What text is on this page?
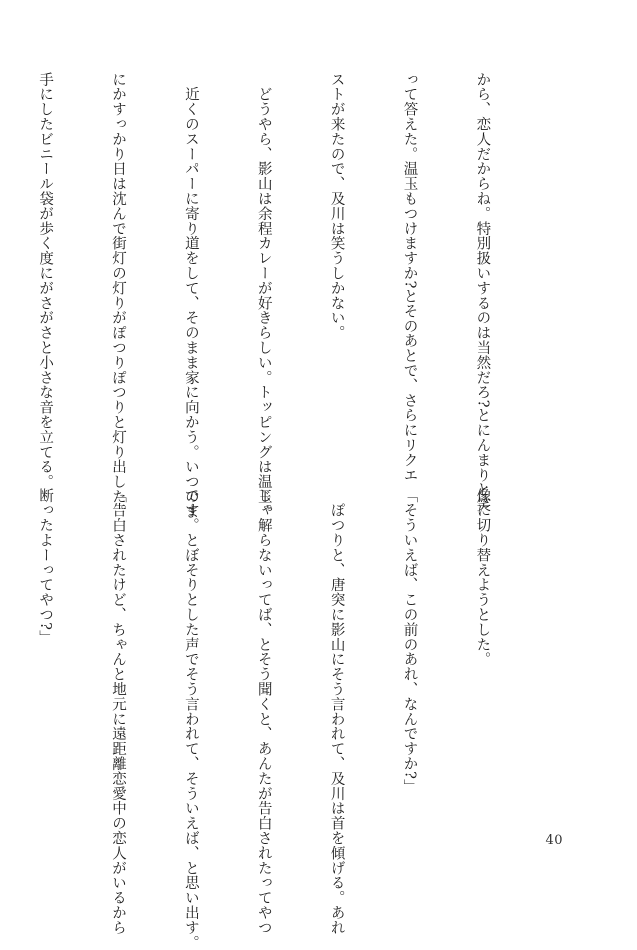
から、恋人だからね。特別扱いするのは当然だろ?とにんまりと笑

って答えた。温玉もつけますか?とそのあとで、さらにリクエ

ストが来たので、及川は笑うしかない。

　どうやら、影山は余程カレーが好きらしい。トッピングは温玉。

　近くのスーパーに寄り道をして、そのまま家に向かう。いつのま

にかすっかり日は沈んで街灯の灯りがぽつりぽつりと灯り出した。

手にしたビニール袋が歩く度にがさがさと小さな音を立てる。

像に切り替えようとした。

「そういえば、この前のあれ、なんですか?」

　ぽつりと、唐突に影山にそう言われて、及川は首を傾げる。あれ

じゃ解らないってば、とそう聞くと、あんたが告白されたってやつ

です。とぼそりとした声でそう言われて、そういえば、と思い出す。

「告白されたけど、ちゃんと地元に遠距離恋愛中の恋人がいるから

断ったよーってやつ?」

40
